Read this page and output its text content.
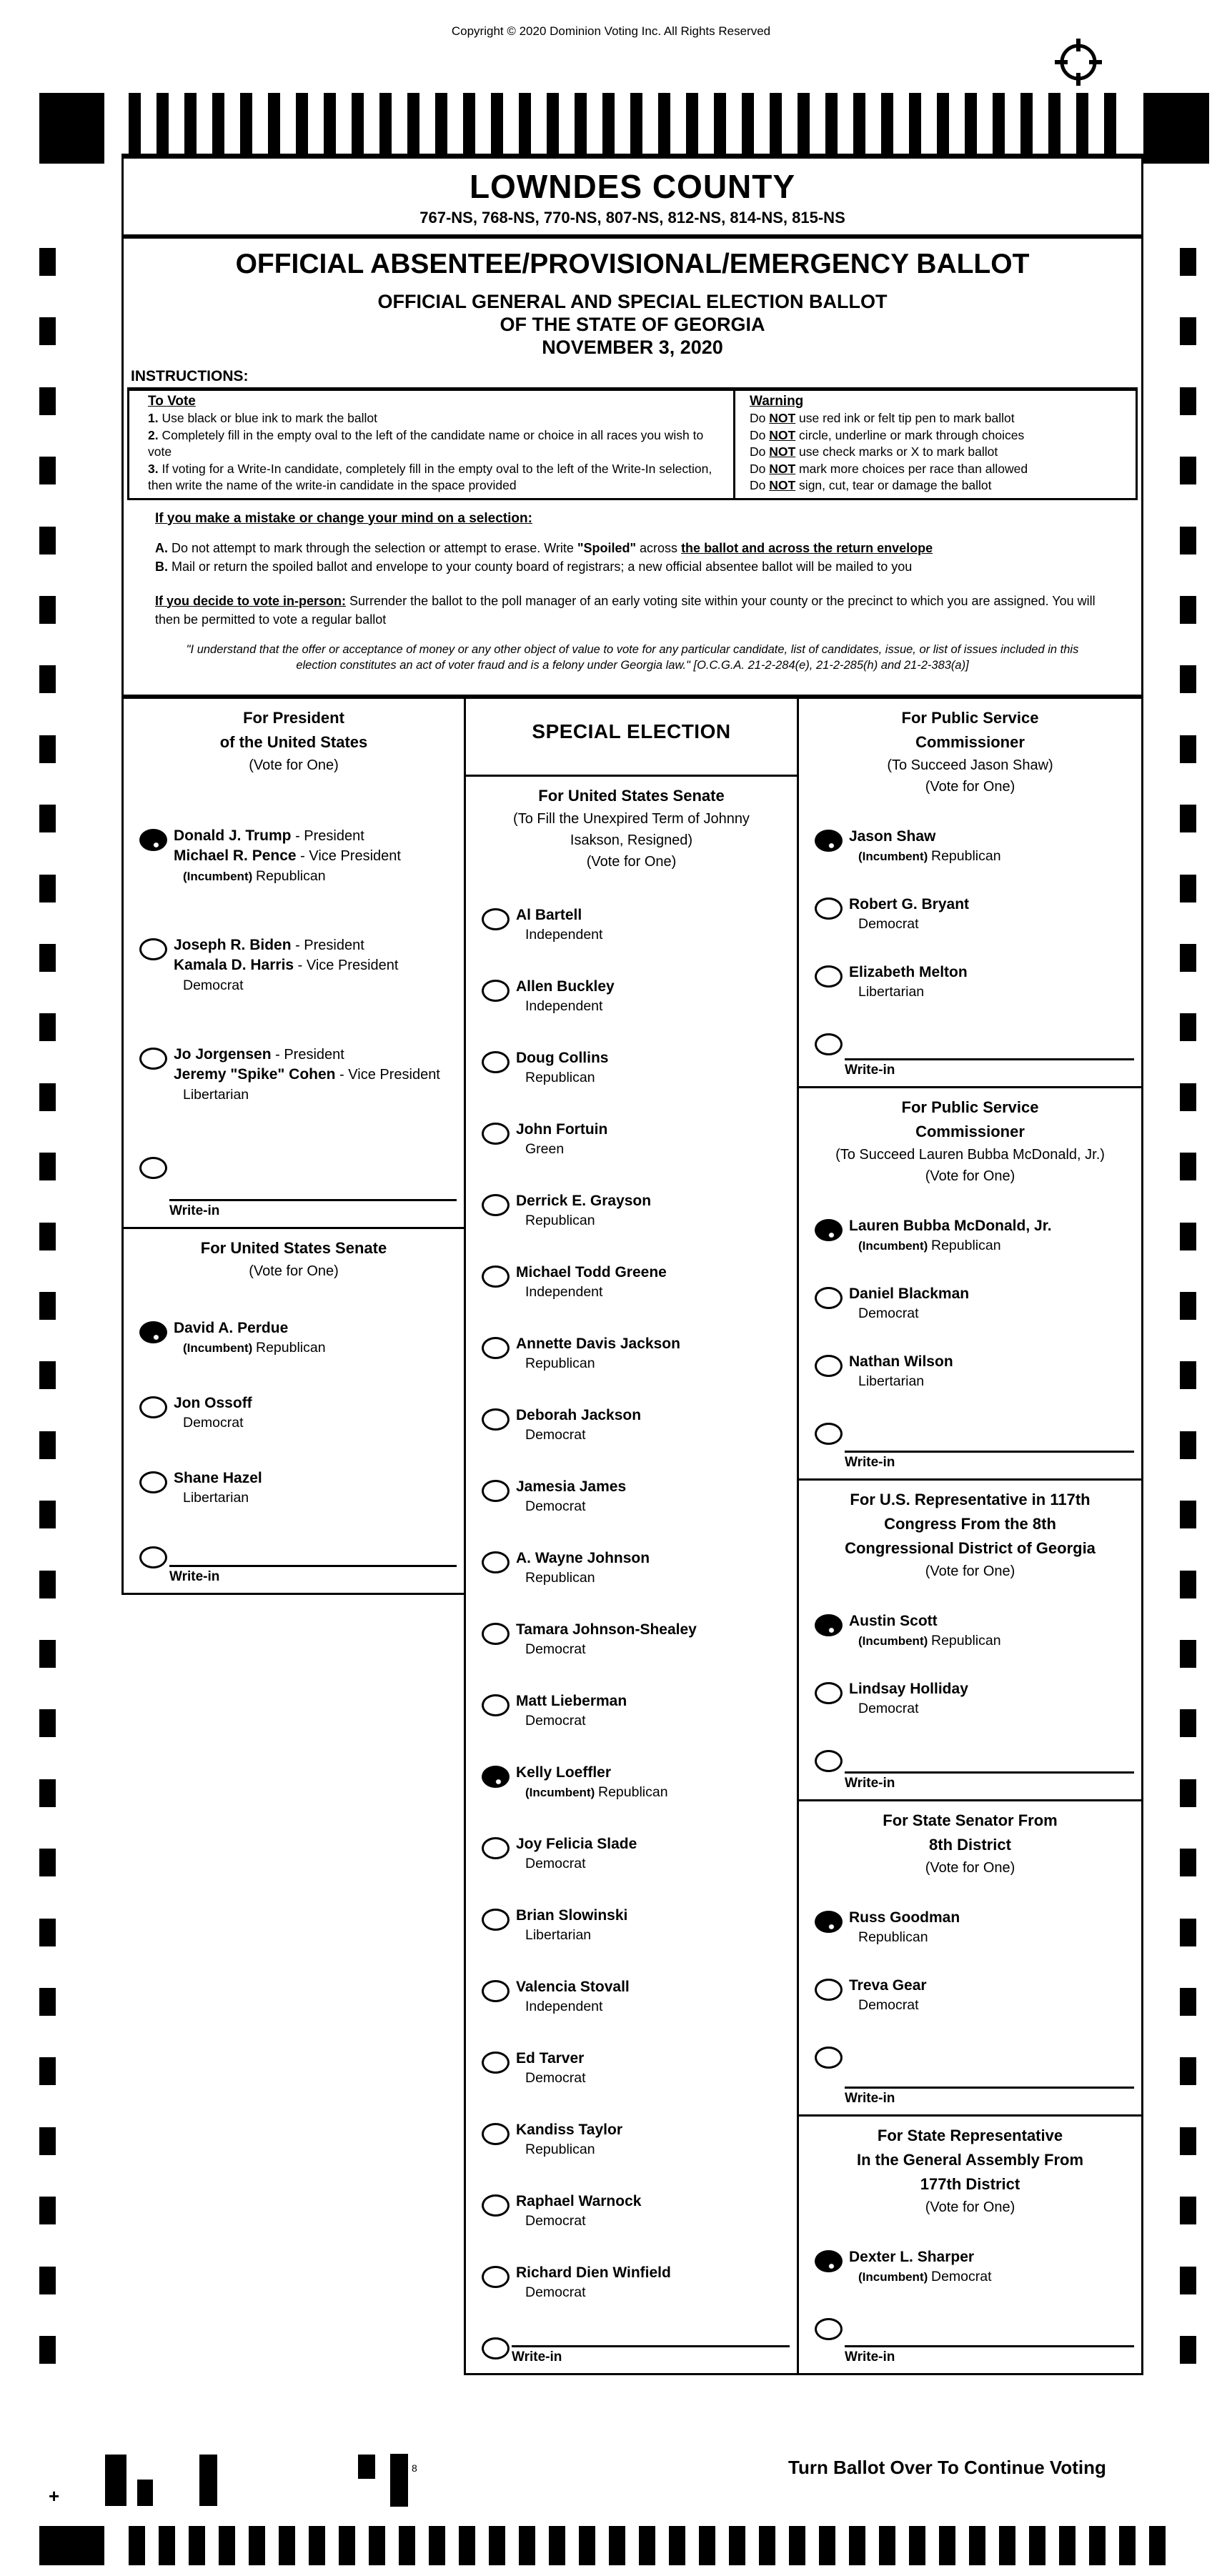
Copyright © 2020 Dominion Voting Inc. All Rights Reserved
LOWNDES COUNTY
767-NS, 768-NS, 770-NS, 807-NS, 812-NS, 814-NS, 815-NS
OFFICIAL ABSENTEE/PROVISIONAL/EMERGENCY BALLOT
OFFICIAL GENERAL AND SPECIAL ELECTION BALLOT
OF THE STATE OF GEORGIA
NOVEMBER 3, 2020
INSTRUCTIONS:
To Vote
1. Use black or blue ink to mark the ballot
2. Completely fill in the empty oval to the left of the candidate name or choice in all races you wish to vote
3. If voting for a Write-In candidate, completely fill in the empty oval to the left of the Write-In selection, then write the name of the write-in candidate in the space provided
Warning
Do NOT use red ink or felt tip pen to mark ballot
Do NOT circle, underline or mark through choices
Do NOT use check marks or X to mark ballot
Do NOT mark more choices per race than allowed
Do NOT sign, cut, tear or damage the ballot
If you make a mistake or change your mind on a selection:
A. Do not attempt to mark through the selection or attempt to erase. Write "Spoiled" across the ballot and across the return envelope
B. Mail or return the spoiled ballot and envelope to your county board of registrars; a new official absentee ballot will be mailed to you
If you decide to vote in-person: Surrender the ballot to the poll manager of an early voting site within your county or the precinct to which you are assigned. You will then be permitted to vote a regular ballot
"I understand that the offer or acceptance of money or any other object of value to vote for any particular candidate, list of candidates, issue, or list of issues included in this
election constitutes an act of voter fraud and is a felony under Georgia law." [O.C.G.A. 21-2-284(e), 21-2-285(h) and 21-2-383(a)]
For President
of the United States
(Vote for One)
Donald J. Trump - President
Michael R. Pence - Vice President
(Incumbent) Republican
Joseph R. Biden - President
Kamala D. Harris - Vice President
Democrat
Jo Jorgensen - President
Jeremy "Spike" Cohen - Vice President
Libertarian
Write-in
For United States Senate
(Vote for One)
David A. Perdue
(Incumbent) Republican
Jon Ossoff
Democrat
Shane Hazel
Libertarian
Write-in
SPECIAL ELECTION
For United States Senate
(To Fill the Unexpired Term of Johnny
Isakson, Resigned)
(Vote for One)
Al Bartell
Independent
Allen Buckley
Independent
Doug Collins
Republican
John Fortuin
Green
Derrick E. Grayson
Republican
Michael Todd Greene
Independent
Annette Davis Jackson
Republican
Deborah Jackson
Democrat
Jamesia James
Democrat
A. Wayne Johnson
Republican
Tamara Johnson-Shealey
Democrat
Matt Lieberman
Democrat
Kelly Loeffler
(Incumbent) Republican
Joy Felicia Slade
Democrat
Brian Slowinski
Libertarian
Valencia Stovall
Independent
Ed Tarver
Democrat
Kandiss Taylor
Republican
Raphael Warnock
Democrat
Richard Dien Winfield
Democrat
Write-in
For Public Service
Commissioner
(To Succeed Jason Shaw)
(Vote for One)
Jason Shaw
(Incumbent) Republican
Robert G. Bryant
Democrat
Elizabeth Melton
Libertarian
Write-in
For Public Service
Commissioner
(To Succeed Lauren Bubba McDonald, Jr.)
(Vote for One)
Lauren Bubba McDonald, Jr.
(Incumbent) Republican
Daniel Blackman
Democrat
Nathan Wilson
Libertarian
Write-in
For U.S. Representative in 117th
Congress From the 8th
Congressional District of Georgia
(Vote for One)
Austin Scott
(Incumbent) Republican
Lindsay Holliday
Democrat
Write-in
For State Senator From
8th District
(Vote for One)
Russ Goodman
Republican
Treva Gear
Democrat
Write-in
For State Representative
In the General Assembly From
177th District
(Vote for One)
Dexter L. Sharper
(Incumbent) Democrat
Write-in
8
+
Turn Ballot Over To Continue Voting
